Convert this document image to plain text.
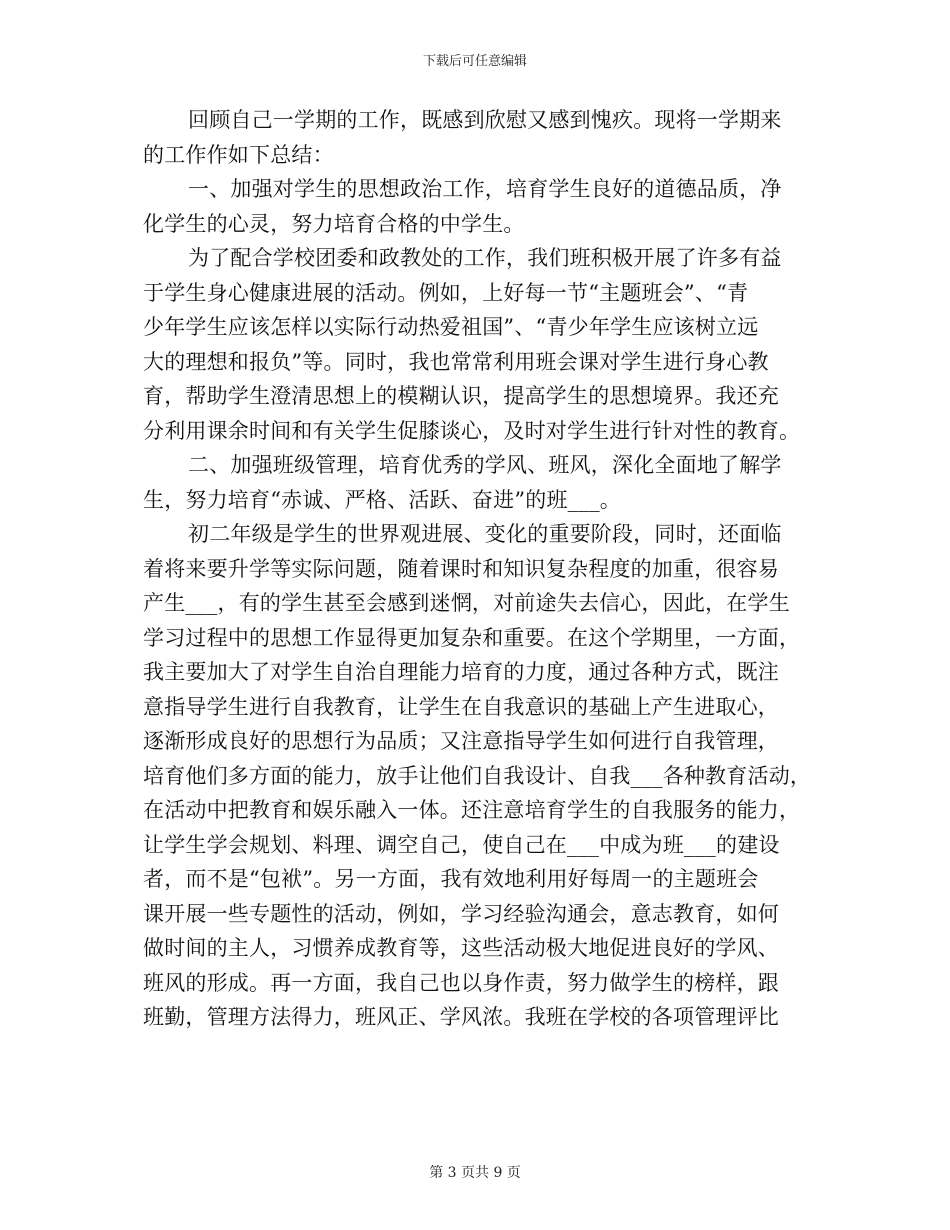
下载后可任意编辑
回顾自己一学期的工作，既感到欣慰又感到愧疚。现将一学期来
的工作作如下总结：
一、加强对学生的思想政治工作，培育学生良好的道德品质，净
化学生的心灵，努力培育合格的中学生。
为了配合学校团委和政教处的工作，我们班积极开展了许多有益
于学生身心健康进展的活动。例如，上好每一节“主题班会”、“青
少年学生应该怎样以实际行动热爱祖国”、“青少年学生应该树立远
大的理想和报负”等。同时，我也常常利用班会课对学生进行身心教
育，帮助学生澄清思想上的模糊认识，提高学生的思想境界。我还充
分利用课余时间和有关学生促膝谈心，及时对学生进行针对性的教育。
二、加强班级管理，培育优秀的学风、班风，深化全面地了解学
生，努力培育“赤诚、严格、活跃、奋进”的班___。
初二年级是学生的世界观进展、变化的重要阶段，同时，还面临
着将来要升学等实际问题，随着课时和知识复杂程度的加重，很容易
产生___，有的学生甚至会感到迷惘，对前途失去信心，因此，在学生
学习过程中的思想工作显得更加复杂和重要。在这个学期里，一方面，
我主要加大了对学生自治自理能力培育的力度，通过各种方式，既注
意指导学生进行自我教育，让学生在自我意识的基础上产生进取心，
逐渐形成良好的思想行为品质；又注意指导学生如何进行自我管理，
培育他们多方面的能力，放手让他们自我设计、自我___各种教育活动，
在活动中把教育和娱乐融入一体。还注意培育学生的自我服务的能力，
让学生学会规划、料理、调空自己，使自己在___中成为班___的建设
者，而不是“包袱”。另一方面，我有效地利用好每周一的主题班会
课开展一些专题性的活动，例如，学习经验沟通会，意志教育，如何
做时间的主人，习惯养成教育等，这些活动极大地促进良好的学风、
班风的形成。再一方面，我自己也以身作责，努力做学生的榜样，跟
班勤，管理方法得力，班风正、学风浓。我班在学校的各项管理评比
第 3 页共 9 页
